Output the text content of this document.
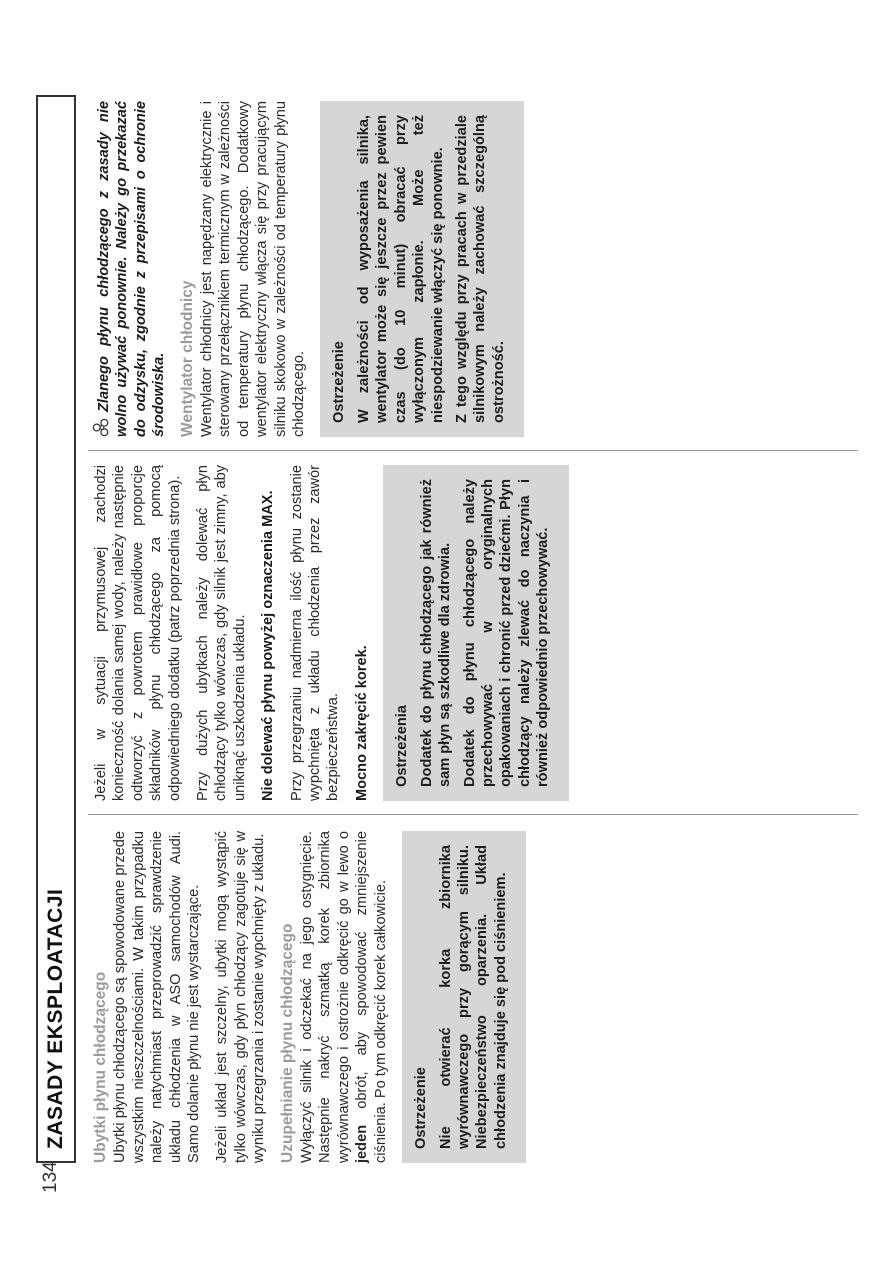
134
ZASADY EKSPLOATACJI Ubytki płynu chłodzącego Ubytki płynu chłodzącego są spowodowane przede wszystkim nieszczelnościami. W takim przypadku należy natychmiast przeprowadzić sprawdzenie układu chłodzenia w ASO samochodów Audi. Samo dolanie płynu nie jest wystarczające. Jeżeli układ jest szczelny, ubytki mogą wystąpić tylko wówczas, gdy płyn chłodzący zagotuje się w wyniku przegrzania i zostanie wypchnięty z układu. Uzupełnianie płynu chłodzącego Wyłączyć silnik i odczekać na jego ostygnięcie. Następnie nakryć szmatką korek zbiornika wyrównawczego i ostrożnie odkręcić go w lewo o jeden obrót, aby spowodować zmniejszenie ciśnienia. Po tym odkręcić korek całkowicie. Ostrzeżenie Nie otwierać korka zbiornika wyrównawczego przy gorącym silniku. Niebezpieczeństwo oparzenia. Układ chłodzenia znajduje się pod ciśnieniem.

Jeżeli w sytuacji przymusowej zachodzi konieczność dolania samej wody, należy następnie odtworzyć z powrotem prawidłowe proporcje składników płynu chłodzącego za pomocą odpowiedniego dodatku (patrz poprzednia strona). Przy dużych ubytkach należy dolewać płyn chłodzący tylko wówczas, gdy silnik jest zimny, aby uniknąć uszkodzenia układu. Nie dolewać płynu powyżej oznaczenia MAX. Przy przegrzaniu nadmierna ilość płynu zostanie wypchnięta z układu chłodzenia przez zawór bezpieczeństwa. Mocno zakręcić korek. Ostrzeżenia Dodatek do płynu chłodzącego jak również sam płyn są szkodliwe dla zdrowia. Dodatek do płynu chłodzącego należy przechowywać w oryginalnych opakowaniach i chronić przed dziećmi. Płyn chłodzący należy zlewać do naczynia i również odpowiednio przechowywać.

Zlanego płynu chłodzącego z zasady nie wolno używać ponownie. Należy go przekazać do odzysku, zgodnie z przepisami o ochronie środowiska. Wentylator chłodnicy Wentylator chłodnicy jest napędzany elektrycznie i sterowany przełącznikiem termicznym w zależności od temperatury płynu chłodzącego. Dodatkowy wentylator elektryczny włącza się przy pracującym silniku skokowo w zależności od temperatury płynu chłodzącego. Ostrzeżenie W zależności od wyposażenia silnika, wentylator może się jeszcze przez pewien czas (do 10 minut) obracać przy wyłączonym zapłonie. Może też niespodziewanie włączyć się ponownie. Z tego względu przy pracach w przedziale silnikowym należy zachować szczególną ostrożność.
